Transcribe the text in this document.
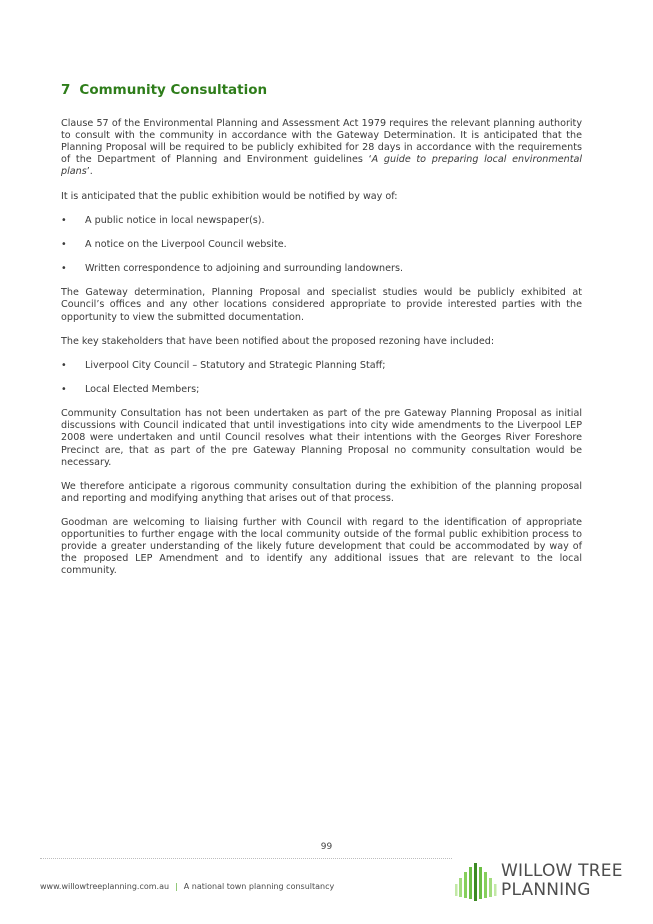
7 Community Consultation

Clause 57 of the Environmental Planning and Assessment Act 1979 requires the relevant planning authority to consult with the community in accordance with the Gateway Determination. It is anticipated that the Planning Proposal will be required to be publicly exhibited for 28 days in accordance with the requirements of the Department of Planning and Environment guidelines ‘A guide to preparing local environmental plans’.

It is anticipated that the public exhibition would be notified by way of:

• A public notice in local newspaper(s).
• A notice on the Liverpool Council website.
• Written correspondence to adjoining and surrounding landowners.

The Gateway determination, Planning Proposal and specialist studies would be publicly exhibited at Council’s offices and any other locations considered appropriate to provide interested parties with the opportunity to view the submitted documentation.

The key stakeholders that have been notified about the proposed rezoning have included:

• Liverpool City Council – Statutory and Strategic Planning Staff;
• Local Elected Members;

Community Consultation has not been undertaken as part of the pre Gateway Planning Proposal as initial discussions with Council indicated that until investigations into city wide amendments to the Liverpool LEP 2008 were undertaken and until Council resolves what their intentions with the Georges River Foreshore Precinct are, that as part of the pre Gateway Planning Proposal no community consultation would be necessary.

We therefore anticipate a rigorous community consultation during the exhibition of the planning proposal and reporting and modifying anything that arises out of that process.

Goodman are welcoming to liaising further with Council with regard to the identification of appropriate opportunities to further engage with the local community outside of the formal public exhibition process to provide a greater understanding of the likely future development that could be accommodated by way of the proposed LEP Amendment and to identify any additional issues that are relevant to the local community.

99
www.willowtreeplanning.com.au | A national town planning consultancy
WILLOW TREE
PLANNING
